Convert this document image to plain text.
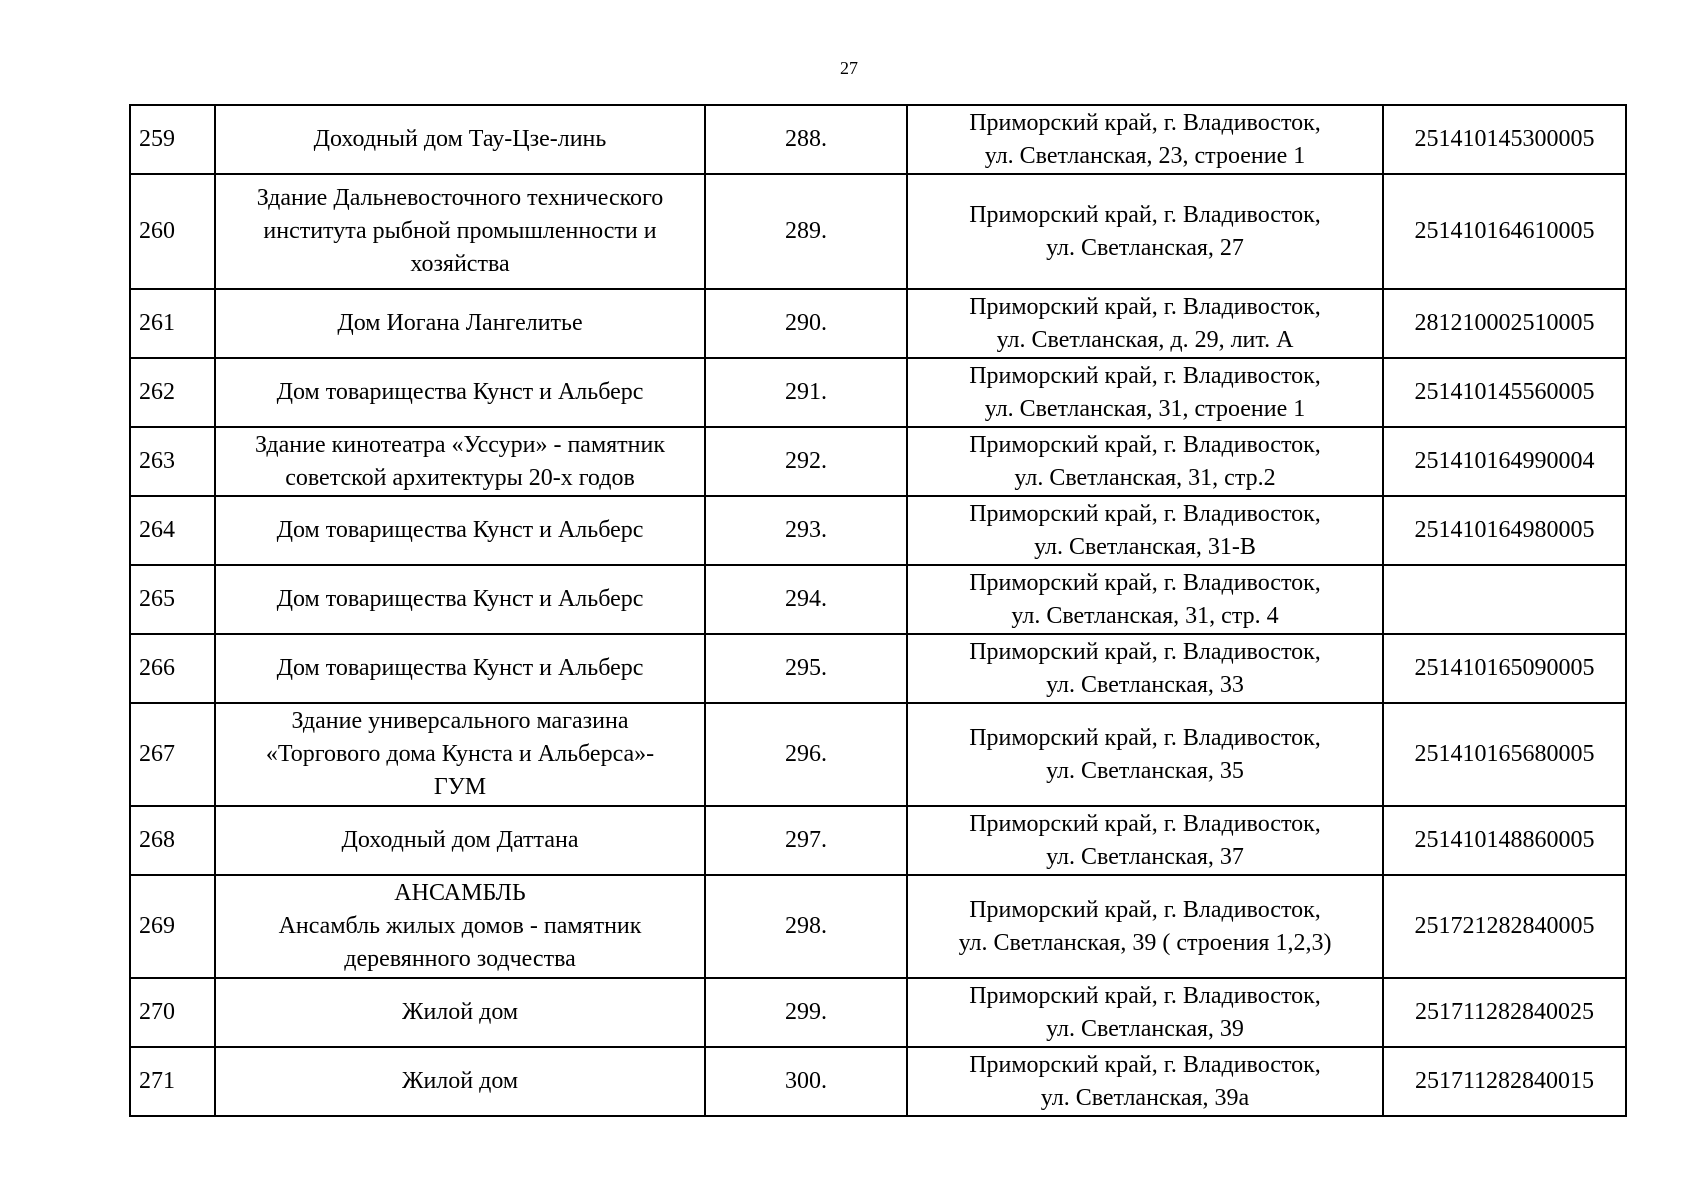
27
259	Доходный дом Тау-Цзе-линь	288.	Приморский край, г. Владивосток,
ул. Светланская, 23, строение 1	251410145300005
260	Здание Дальневосточного технического
института рыбной промышленности и
хозяйства	289.	Приморский край, г. Владивосток,
ул. Светланская, 27	251410164610005
261	Дом Иогана Лангелитье	290.	Приморский край, г. Владивосток,
ул. Светланская, д. 29, лит. А	281210002510005
262	Дом товарищества Кунст и Альберс	291.	Приморский край, г. Владивосток,
ул. Светланская, 31, строение 1	251410145560005
263	Здание кинотеатра «Уссури» - памятник
советской архитектуры 20-х годов	292.	Приморский край, г. Владивосток,
ул. Светланская, 31, стр.2	251410164990004
264	Дом товарищества Кунст и Альберс	293.	Приморский край, г. Владивосток,
ул. Светланская, 31-В	251410164980005
265	Дом товарищества Кунст и Альберс	294.	Приморский край, г. Владивосток,
ул. Светланская, 31, стр. 4	
266	Дом товарищества Кунст и Альберс	295.	Приморский край, г. Владивосток,
ул. Светланская, 33	251410165090005
267	Здание универсального магазина
«Торгового дома Кунста и Альберса»-
ГУМ	296.	Приморский край, г. Владивосток,
ул. Светланская, 35	251410165680005
268	Доходный дом Даттана	297.	Приморский край, г. Владивосток,
ул. Светланская, 37	251410148860005
269	АНСАМБЛЬ
Ансамбль жилых домов - памятник
деревянного зодчества	298.	Приморский край, г. Владивосток,
ул. Светланская, 39 ( строения 1,2,3)	251721282840005
270	Жилой дом	299.	Приморский край, г. Владивосток,
ул. Светланская, 39	251711282840025
271	Жилой дом	300.	Приморский край, г. Владивосток,
ул. Светланская, 39а	251711282840015
